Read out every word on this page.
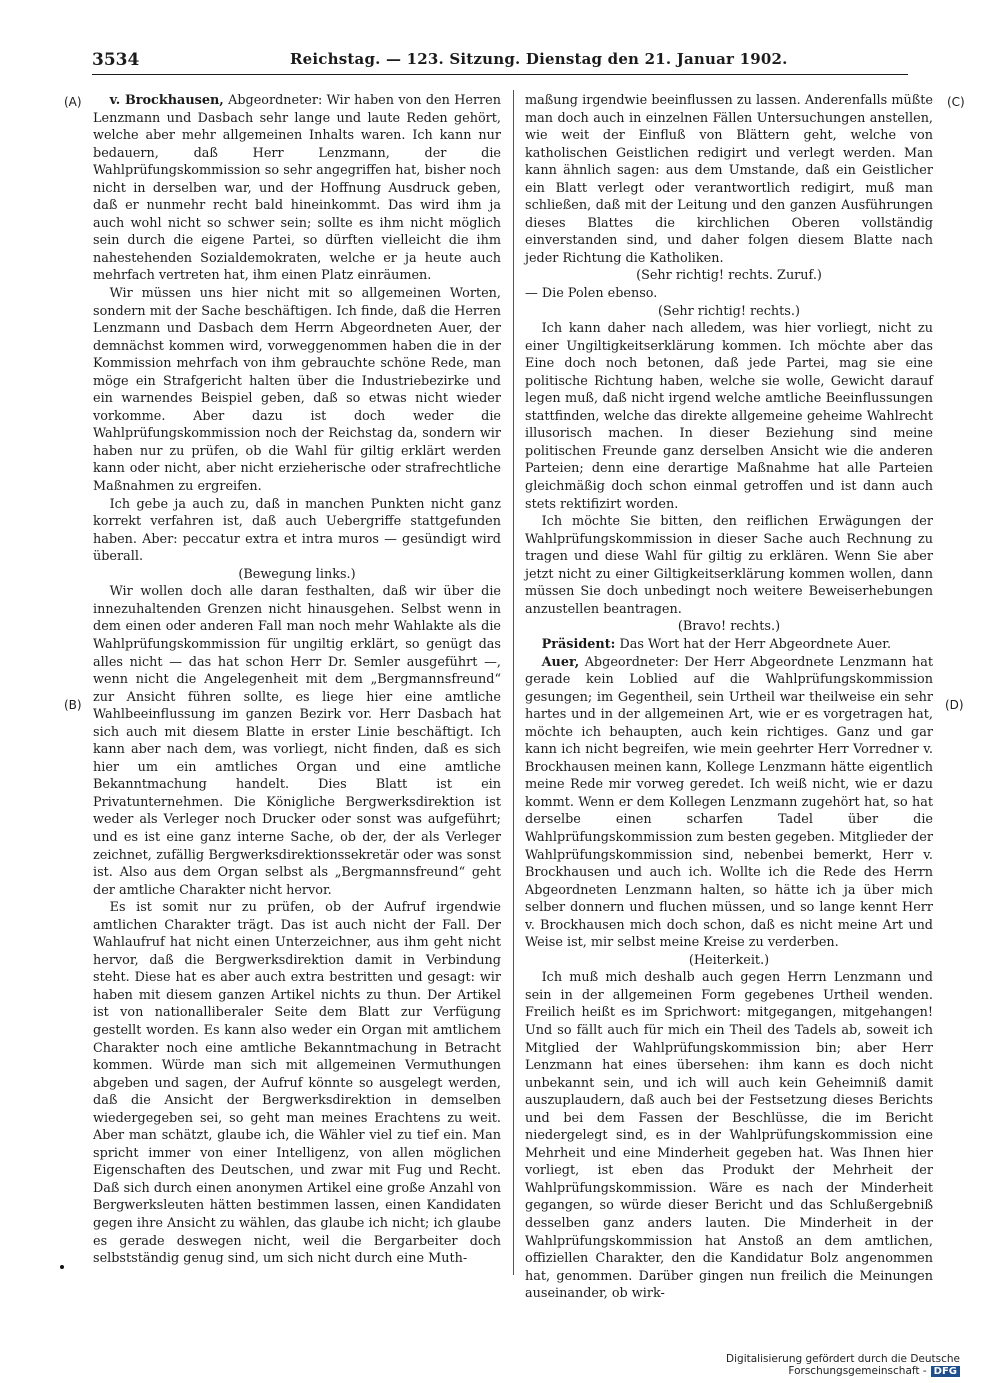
3534	Reichstag. — 123. Sitzung. Dienstag den 21. Januar 1902.
(A)
(B)
(C)
(D)

v. Brockhausen, Abgeordneter: Wir haben von den Herren Lenzmann und Dasbach sehr lange und laute Reden gehört, welche aber mehr allgemeinen Inhalts waren. Ich kann nur bedauern, daß Herr Lenzmann, der die Wahlprüfungskommission so sehr angegriffen hat, bisher noch nicht in derselben war, und der Hoffnung Ausdruck geben, daß er nunmehr recht bald hineinkommt. Das wird ihm ja auch wohl nicht so schwer sein; sollte es ihm nicht möglich sein durch die eigene Partei, so dürften vielleicht die ihm nahestehenden Sozialdemokraten, welche er ja heute auch mehrfach vertreten hat, ihm einen Platz einräumen.

Wir müssen uns hier nicht mit so allgemeinen Worten, sondern mit der Sache beschäftigen. Ich finde, daß die Herren Lenzmann und Dasbach dem Herrn Abgeordneten Auer, der demnächst kommen wird, vorweggenommen haben die in der Kommission mehrfach von ihm gebrauchte schöne Rede, man möge ein Strafgericht halten über die Industriebezirke und ein warnendes Beispiel geben, daß so etwas nicht wieder vorkomme. Aber dazu ist doch weder die Wahlprüfungskommission noch der Reichstag da, sondern wir haben nur zu prüfen, ob die Wahl für giltig erklärt werden kann oder nicht, aber nicht erzieherische oder strafrechtliche Maßnahmen zu ergreifen.

Ich gebe ja auch zu, daß in manchen Punkten nicht ganz korrekt verfahren ist, daß auch Uebergriffe stattgefunden haben. Aber: peccatur extra et intra muros — gesündigt wird überall.

(Bewegung links.)

Wir wollen doch alle daran festhalten, daß wir über die innezuhaltenden Grenzen nicht hinausgehen. Selbst wenn in dem einen oder anderen Fall man noch mehr Wahlakte als die Wahlprüfungskommission für ungiltig erklärt, so genügt das alles nicht — das hat schon Herr Dr. Semler ausgeführt —, wenn nicht die Angelegenheit mit dem „Bergmannsfreund“ zur Ansicht führen sollte, es liege hier eine amtliche Wahlbeeinflussung im ganzen Bezirk vor. Herr Dasbach hat sich auch mit diesem Blatte in erster Linie beschäftigt. Ich kann aber nach dem, was vorliegt, nicht finden, daß es sich hier um ein amtliches Organ und eine amtliche Bekanntmachung handelt. Dies Blatt ist ein Privatunternehmen. Die Königliche Bergwerksdirektion ist weder als Verleger noch Drucker oder sonst was aufgeführt; und es ist eine ganz interne Sache, ob der, der als Verleger zeichnet, zufällig Bergwerksdirektionssekretär oder was sonst ist. Also aus dem Organ selbst als „Bergmannsfreund“ geht der amtliche Charakter nicht hervor.

Es ist somit nur zu prüfen, ob der Aufruf irgendwie amtlichen Charakter trägt. Das ist auch nicht der Fall. Der Wahlaufruf hat nicht einen Unterzeichner, aus ihm geht nicht hervor, daß die Bergwerksdirektion damit in Verbindung steht. Diese hat es aber auch extra bestritten und gesagt: wir haben mit diesem ganzen Artikel nichts zu thun. Der Artikel ist von nationalliberaler Seite dem Blatt zur Verfügung gestellt worden. Es kann also weder ein Organ mit amtlichem Charakter noch eine amtliche Bekanntmachung in Betracht kommen. Würde man sich mit allgemeinen Vermuthungen abgeben und sagen, der Aufruf könnte so ausgelegt werden, daß die Ansicht der Bergwerksdirektion in demselben wiedergegeben sei, so geht man meines Erachtens zu weit. Aber man schätzt, glaube ich, die Wähler viel zu tief ein. Man spricht immer von einer Intelligenz, von allen möglichen Eigenschaften des Deutschen, und zwar mit Fug und Recht. Daß sich durch einen anonymen Artikel eine große Anzahl von Bergwerksleuten hätten bestimmen lassen, einen Kandidaten gegen ihre Ansicht zu wählen, das glaube ich nicht; ich glaube es gerade deswegen nicht, weil die Bergarbeiter doch selbstständig genug sind, um sich nicht durch eine Muth-

maßung irgendwie beeinflussen zu lassen. Anderenfalls müßte man doch auch in einzelnen Fällen Untersuchungen anstellen, wie weit der Einfluß von Blättern geht, welche von katholischen Geistlichen redigirt und verlegt werden. Man kann ähnlich sagen: aus dem Umstande, daß ein Geistlicher ein Blatt verlegt oder verantwortlich redigirt, muß man schließen, daß mit der Leitung und den ganzen Ausführungen dieses Blattes die kirchlichen Oberen vollständig einverstanden sind, und daher folgen diesem Blatte nach jeder Richtung die Katholiken.

(Sehr richtig! rechts. Zuruf.)

— Die Polen ebenso.

(Sehr richtig! rechts.)

Ich kann daher nach alledem, was hier vorliegt, nicht zu einer Ungiltigkeitserklärung kommen. Ich möchte aber das Eine doch noch betonen, daß jede Partei, mag sie eine politische Richtung haben, welche sie wolle, Gewicht darauf legen muß, daß nicht irgend welche amtliche Beeinflussungen stattfinden, welche das direkte allgemeine geheime Wahlrecht illusorisch machen. In dieser Beziehung sind meine politischen Freunde ganz derselben Ansicht wie die anderen Parteien; denn eine derartige Maßnahme hat alle Parteien gleichmäßig doch schon einmal getroffen und ist dann auch stets rektifizirt worden.

Ich möchte Sie bitten, den reiflichen Erwägungen der Wahlprüfungskommission in dieser Sache auch Rechnung zu tragen und diese Wahl für giltig zu erklären. Wenn Sie aber jetzt nicht zu einer Giltigkeitserklärung kommen wollen, dann müssen Sie doch unbedingt noch weitere Beweiserhebungen anzustellen beantragen.

(Bravo! rechts.)

Präsident: Das Wort hat der Herr Abgeordnete Auer.

Auer, Abgeordneter: Der Herr Abgeordnete Lenzmann hat gerade kein Loblied auf die Wahlprüfungskommission gesungen; im Gegentheil, sein Urtheil war theilweise ein sehr hartes und in der allgemeinen Art, wie er es vorgetragen hat, möchte ich behaupten, auch kein richtiges. Ganz und gar kann ich nicht begreifen, wie mein geehrter Herr Vorredner v. Brockhausen meinen kann, Kollege Lenzmann hätte eigentlich meine Rede mir vorweg geredet. Ich weiß nicht, wie er dazu kommt. Wenn er dem Kollegen Lenzmann zugehört hat, so hat derselbe einen scharfen Tadel über die Wahlprüfungskommission zum besten gegeben. Mitglieder der Wahlprüfungskommission sind, nebenbei bemerkt, Herr v. Brockhausen und auch ich. Wollte ich die Rede des Herrn Abgeordneten Lenzmann halten, so hätte ich ja über mich selber donnern und fluchen müssen, und so lange kennt Herr v. Brockhausen mich doch schon, daß es nicht meine Art und Weise ist, mir selbst meine Kreise zu verderben.

(Heiterkeit.)

Ich muß mich deshalb auch gegen Herrn Lenzmann und sein in der allgemeinen Form gegebenes Urtheil wenden. Freilich heißt es im Sprichwort: mitgegangen, mitgehangen! Und so fällt auch für mich ein Theil des Tadels ab, soweit ich Mitglied der Wahlprüfungskommission bin; aber Herr Lenzmann hat eines übersehen: ihm kann es doch nicht unbekannt sein, und ich will auch kein Geheimniß damit auszuplaudern, daß auch bei der Festsetzung dieses Berichts und bei dem Fassen der Beschlüsse, die im Bericht niedergelegt sind, es in der Wahlprüfungskommission eine Mehrheit und eine Minderheit gegeben hat. Was Ihnen hier vorliegt, ist eben das Produkt der Mehrheit der Wahlprüfungskommission. Wäre es nach der Minderheit gegangen, so würde dieser Bericht und das Schlußergebniß desselben ganz anders lauten. Die Minderheit in der Wahlprüfungskommission hat Anstoß an dem amtlichen, offiziellen Charakter, den die Kandidatur Bolz angenommen hat, genommen. Darüber gingen nun freilich die Meinungen auseinander, ob wirk-

Digitalisierung gefördert durch die Deutsche Forschungsgemeinschaft - DFG
